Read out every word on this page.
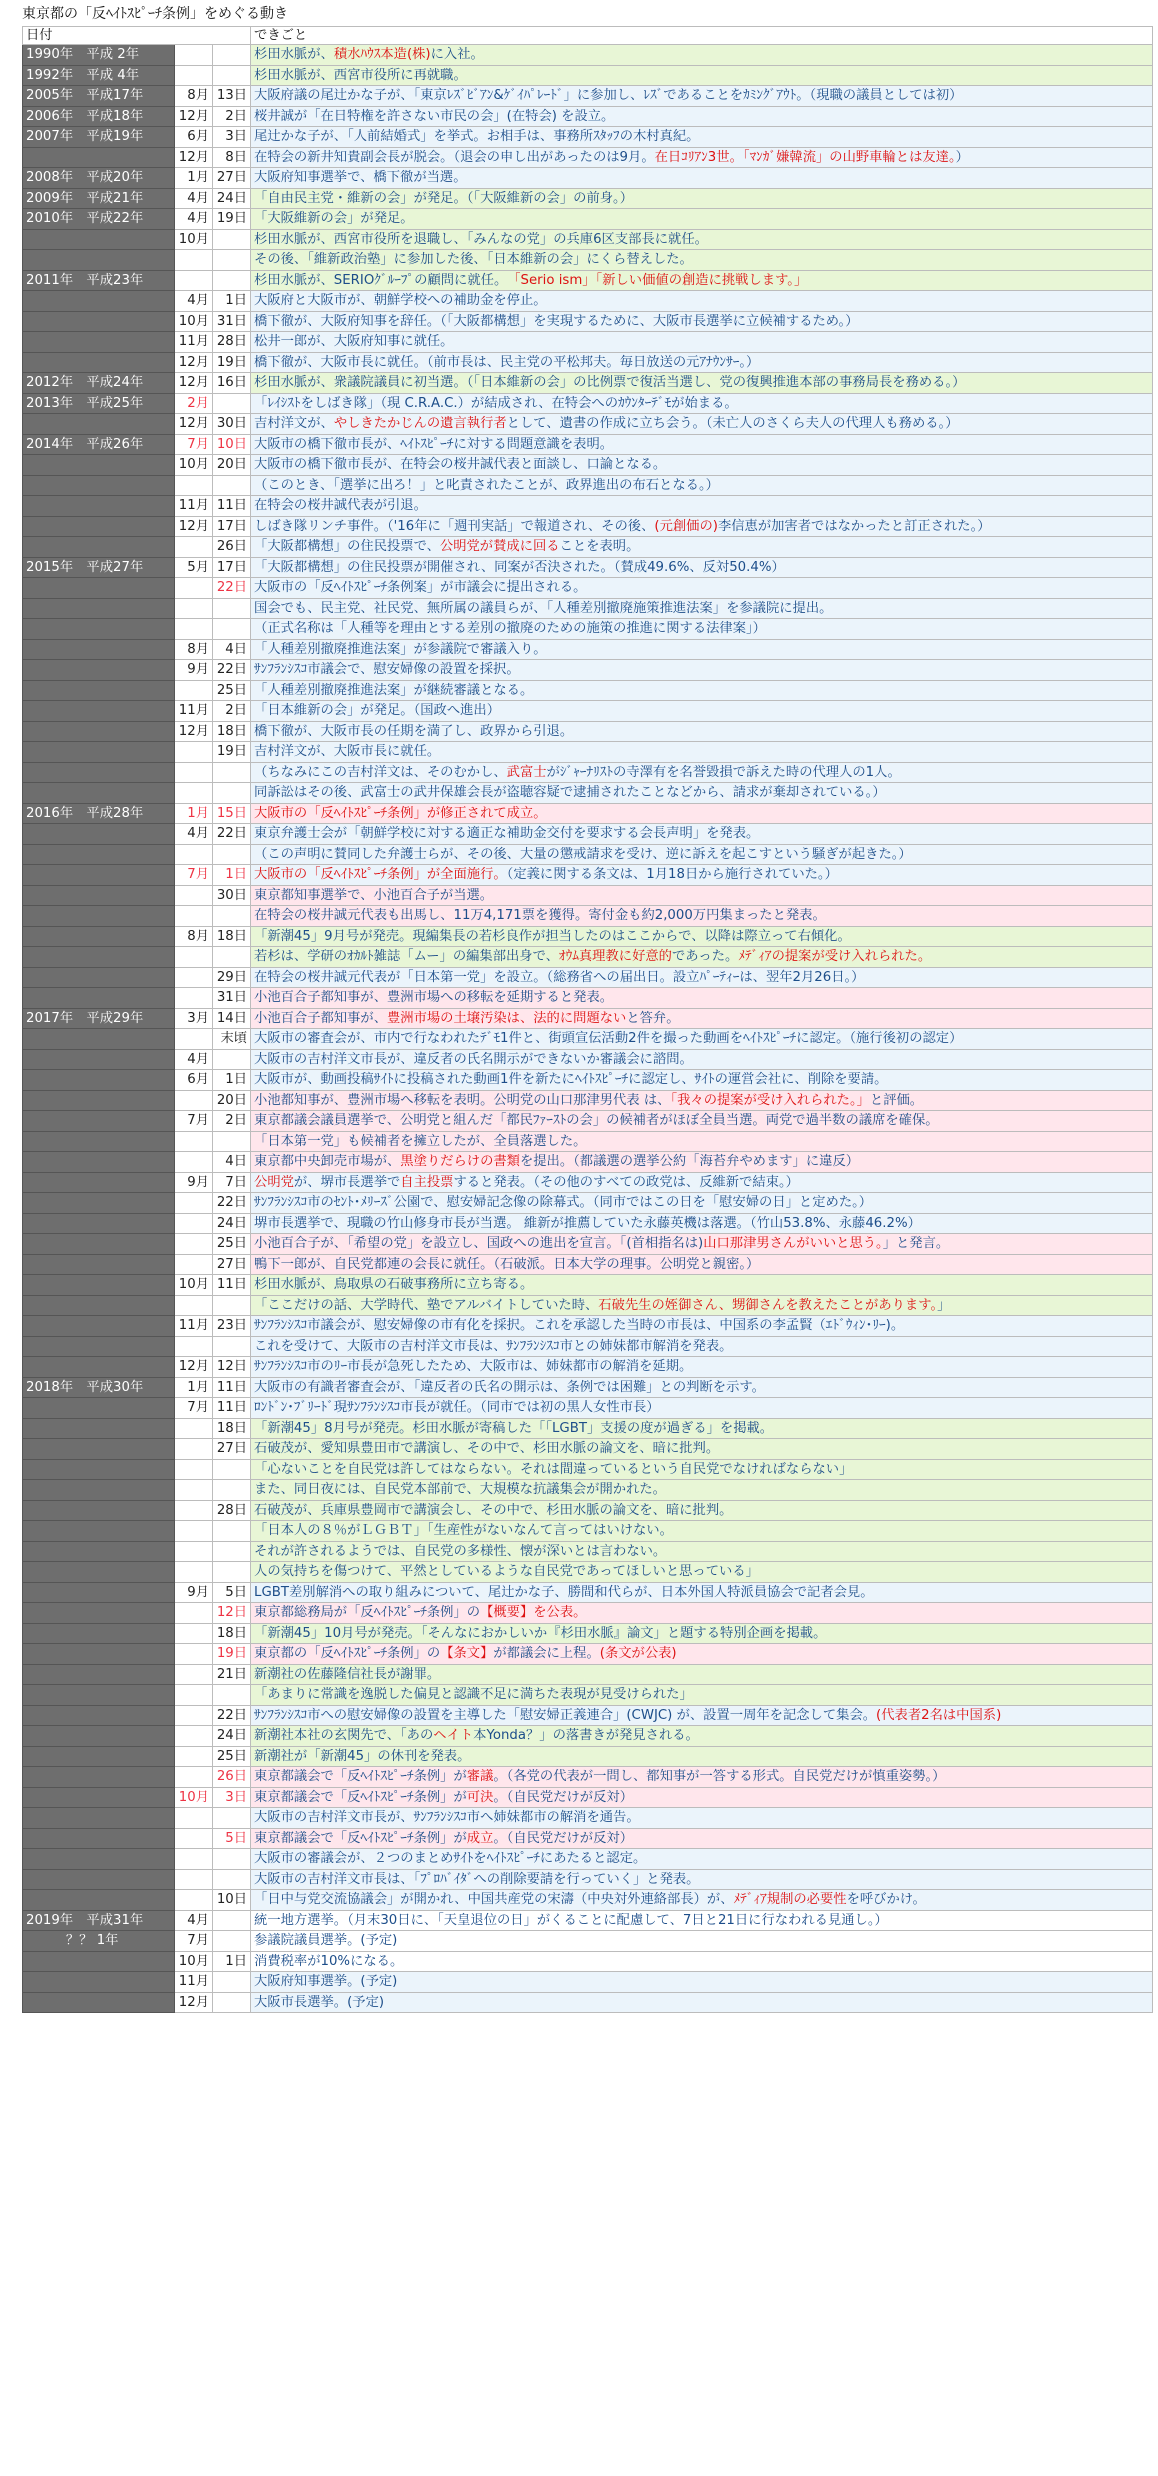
東京都の「反ﾍｲﾄｽﾋﾟｰﾁ条例」をめぐる動き
日付			できごと
1990年　平成 2年			杉田水脈が、積水ﾊｳｽ本造(株)に入社。
1992年　平成 4年			杉田水脈が、西宮市役所に再就職。
2005年　平成17年	8月	13日	大阪府議の尾辻かな子が、「東京ﾚｽﾞﾋﾞｱﾝ&ｹﾞｲﾊﾟﾚｰﾄﾞ」に参加し、ﾚｽﾞであることをｶﾐﾝｸﾞｱｳﾄ。（現職の議員としては初）
2006年　平成18年	12月	2日	桜井誠が「在日特権を許さない市民の会」(在特会) を設立。
2007年　平成19年	6月	3日	尾辻かな子が、「人前結婚式」を挙式。お相手は、事務所ｽﾀｯﾌの木村真紀。
	12月	8日	在特会の新井知貴副会長が脱会。（退会の申し出があったのは9月。在日ｺﾘｱﾝ3世。「ﾏﾝｶﾞ嫌韓流」の山野車輪とは友達。）
2008年　平成20年	1月	27日	大阪府知事選挙で、橋下徹が当選。
2009年　平成21年	4月	24日	「自由民主党・維新の会」が発足。（「大阪維新の会」の前身。）
2010年　平成22年	4月	19日	「大阪維新の会」が発足。
	10月		杉田水脈が、西宮市役所を退職し、「みんなの党」の兵庫6区支部長に就任。
			その後、「維新政治塾」に参加した後、「日本維新の会」にくら替えした。
2011年　平成23年			杉田水脈が、SERIOｸﾞﾙｰﾌﾟの顧問に就任。　「Serio ism」「新しい価値の創造に挑戦します。」
	4月	1日	大阪府と大阪市が、朝鮮学校への補助金を停止。
	10月	31日	橋下徹が、大阪府知事を辞任。（「大阪都構想」を実現するために、大阪市長選挙に立候補するため。）
	11月	28日	松井一郎が、大阪府知事に就任。
	12月	19日	橋下徹が、大阪市長に就任。（前市長は、民主党の平松邦夫。毎日放送の元ｱﾅｳﾝｻｰ。）
2012年　平成24年	12月	16日	杉田水脈が、衆議院議員に初当選。（「日本維新の会」の比例票で復活当選し、党の復興推進本部の事務局長を務める。）
2013年　平成25年	2月		「ﾚｲｼｽﾄをしばき隊」（現 C.R.A.C.）が結成され、在特会へのｶｳﾝﾀｰﾃﾞﾓが始まる。
	12月	30日	吉村洋文が、やしきたかじんの遺言執行者として、遺書の作成に立ち会う。（未亡人のさくら夫人の代理人も務める。）
2014年　平成26年	7月	10日	大阪市の橋下徹市長が、ﾍｲﾄｽﾋﾟｰﾁに対する問題意識を表明。
	10月	20日	大阪市の橋下徹市長が、在特会の桜井誠代表と面談し、口論となる。
			（このとき、「選挙に出ろ！」と叱責されたことが、政界進出の布石となる。）
	11月	11日	在特会の桜井誠代表が引退。
	12月	17日	しばき隊リンチ事件。（'16年に「週刊実話」で報道され、その後、(元創価の)李信恵が加害者ではなかったと訂正された。）
		26日	「大阪都構想」の住民投票で、公明党が賛成に回ることを表明。
2015年　平成27年	5月	17日	「大阪都構想」の住民投票が開催され、同案が否決された。（賛成49.6%、反対50.4%）
		22日	大阪市の「反ﾍｲﾄｽﾋﾟｰﾁ条例案」が市議会に提出される。
			国会でも、民主党、社民党、無所属の議員らが、「人種差別撤廃施策推進法案」を参議院に提出。
			（正式名称は「人種等を理由とする差別の撤廃のための施策の推進に関する法律案」）
	8月	4日	「人種差別撤廃推進法案」が参議院で審議入り。
	9月	22日	ｻﾝﾌﾗﾝｼｽｺ市議会で、慰安婦像の設置を採択。
		25日	「人種差別撤廃推進法案」が継続審議となる。
	11月	2日	「日本維新の会」が発足。（国政へ進出）
	12月	18日	橋下徹が、大阪市長の任期を満了し、政界から引退。
		19日	吉村洋文が、大阪市長に就任。
			（ちなみにこの吉村洋文は、そのむかし、武富士がｼﾞｬｰﾅﾘｽﾄの寺澤有を名誉毀損で訴えた時の代理人の1人。
			同訴訟はその後、武富士の武井保雄会長が盗聴容疑で逮捕されたことなどから、請求が棄却されている。）
2016年　平成28年	1月	15日	大阪市の「反ﾍｲﾄｽﾋﾟｰﾁ条例」が修正されて成立。
	4月	22日	東京弁護士会が「朝鮮学校に対する適正な補助金交付を要求する会長声明」を発表。
			（この声明に賛同した弁護士らが、その後、大量の懲戒請求を受け、逆に訴えを起こすという騒ぎが起きた。）
	7月	1日	大阪市の「反ﾍｲﾄｽﾋﾟｰﾁ条例」が全面施行。（定義に関する条文は、1月18日から施行されていた。）
		30日	東京都知事選挙で、小池百合子が当選。
			在特会の桜井誠元代表も出馬し、11万4,171票を獲得。寄付金も約2,000万円集まったと発表。
	8月	18日	「新潮45」9月号が発売。現編集長の若杉良作が担当したのはここからで、以降は際立って右傾化。
			若杉は、学研のｵｶﾙﾄ雑誌「ムー」の編集部出身で、ｵｳﾑ真理教に好意的であった。ﾒﾃﾞｨｱの提案が受け入れられた。
		29日	在特会の桜井誠元代表が「日本第一党」を設立。（総務省への届出日。設立ﾊﾟｰﾃｨｰは、翌年2月26日。）
		31日	小池百合子都知事が、豊洲市場への移転を延期すると発表。
2017年　平成29年	3月	14日	小池百合子都知事が、豊洲市場の土壌汚染は、法的に問題ないと答弁。
		末頃	大阪市の審査会が、市内で行なわれたﾃﾞﾓ1件と、街頭宣伝活動2件を撮った動画をﾍｲﾄｽﾋﾟｰﾁに認定。（施行後初の認定）
	4月		大阪市の吉村洋文市長が、違反者の氏名開示ができないか審議会に諮問。
	6月	1日	大阪市が、動画投稿ｻｲﾄに投稿された動画1件を新たにﾍｲﾄｽﾋﾟｰﾁに認定し、ｻｲﾄの運営会社に、削除を要請。
		20日	小池都知事が、豊洲市場へ移転を表明。公明党の山口那津男代表 は、「我々の提案が受け入れられた。」と評価。
	7月	2日	東京都議会議員選挙で、公明党と組んだ「都民ﾌｧｰｽﾄの会」の候補者がほぼ全員当選。両党で過半数の議席を確保。
			「日本第一党」も候補者を擁立したが、全員落選した。
		4日	東京都中央卸売市場が、黒塗りだらけの書類を提出。（都議選の選挙公約「海苔弁やめます」に違反）
	9月	7日	公明党が、堺市長選挙で自主投票すると発表。（その他のすべての政党は、反維新で結束。）
		22日	ｻﾝﾌﾗﾝｼｽｺ市のｾﾝﾄ･ﾒﾘｰｽﾞ公園で、慰安婦記念像の除幕式。（同市ではこの日を「慰安婦の日」と定めた。）
		24日	堺市長選挙で、現職の竹山修身市長が当選。 維新が推薦していた永藤英機は落選。（竹山53.8%、永藤46.2%）
		25日	小池百合子が、「希望の党」を設立し、国政への進出を宣言。「(首相指名は)山口那津男さんがいいと思う。」と発言。
		27日	鴨下一郎が、自民党都連の会長に就任。（石破派。日本大学の理事。公明党と親密。）
	10月	11日	杉田水脈が、鳥取県の石破事務所に立ち寄る。
			「ここだけの話、大学時代、塾でアルバイトしていた時、石破先生の姪御さん、甥御さんを教えたことがあります。」
	11月	23日	ｻﾝﾌﾗﾝｼｽｺ市議会が、慰安婦像の市有化を採択。これを承認した当時の市長は、中国系の李孟賢（ｴﾄﾞｳｨﾝ･ﾘｰ)。
			これを受けて、大阪市の吉村洋文市長は、ｻﾝﾌﾗﾝｼｽｺ市との姉妹都市解消を発表。
	12月	12日	ｻﾝﾌﾗﾝｼｽｺ市のﾘｰ市長が急死したため、大阪市は、姉妹都市の解消を延期。
2018年　平成30年	1月	11日	大阪市の有識者審査会が、「違反者の氏名の開示は、条例では困難」との判断を示す。
	7月	11日	ﾛﾝﾄﾞﾝ･ﾌﾞﾘｰﾄﾞ現ｻﾝﾌﾗﾝｼｽｺ市長が就任。（同市では初の黒人女性市長）
		18日	「新潮45」8月号が発売。杉田水脈が寄稿した「「LGBT」支援の度が過ぎる」を掲載。
		27日	石破茂が、愛知県豊田市で講演し、その中で、杉田水脈の論文を、暗に批判。
			「心ないことを自民党は許してはならない。それは間違っているという自民党でなければならない」
			また、同日夜には、自民党本部前で、大規模な抗議集会が開かれた。
		28日	石破茂が、兵庫県豊岡市で講演会し、その中で、杉田水脈の論文を、暗に批判。
			「日本人の８％がＬＧＢＴ」「生産性がないなんて言ってはいけない。
			それが許されるようでは、自民党の多様性、懐が深いとは言わない。
			人の気持ちを傷つけて、平然としているような自民党であってほしいと思っている」
	9月	5日	LGBT差別解消への取り組みについて、尾辻かな子、勝間和代らが、日本外国人特派員協会で記者会見。
		12日	東京都総務局が「反ﾍｲﾄｽﾋﾟｰﾁ条例」の【概要】を公表。
		18日	「新潮45」10月号が発売。「そんなにおかしいか『杉田水脈』論文」と題する特別企画を掲載。
		19日	東京都の「反ﾍｲﾄｽﾋﾟｰﾁ条例」の【条文】が都議会に上程。(条文が公表)
		21日	新潮社の佐藤隆信社長が謝罪。
			「あまりに常識を逸脱した偏見と認識不足に満ちた表現が見受けられた」
		22日	ｻﾝﾌﾗﾝｼｽｺ市への慰安婦像の設置を主導した「慰安婦正義連合」(CWJC) が、設置一周年を記念して集会。(代表者2名は中国系)
		24日	新潮社本社の玄関先で、「あのヘイト本Yonda？」の落書きが発見される。
		25日	新潮社が「新潮45」の休刊を発表。
		26日	東京都議会で「反ﾍｲﾄｽﾋﾟｰﾁ条例」が審議。（各党の代表が一問し、都知事が一答する形式。自民党だけが慎重姿勢。）
	10月	3日	東京都議会で「反ﾍｲﾄｽﾋﾟｰﾁ条例」が可決。（自民党だけが反対）
			大阪市の吉村洋文市長が、ｻﾝﾌﾗﾝｼｽｺ市へ姉妹都市の解消を通告。
		5日	東京都議会で「反ﾍｲﾄｽﾋﾟｰﾁ条例」が成立。（自民党だけが反対）
			大阪市の審議会が、２つのまとめｻｲﾄをﾍｲﾄｽﾋﾟｰﾁにあたると認定。
			大阪市の吉村洋文市長は、「ﾌﾟﾛﾊﾞｲﾀﾞへの削除要請を行っていく」と発表。
		10日	「日中与党交流協議会」が開かれ、中国共産党の宋濤（中央対外連絡部長）が、ﾒﾃﾞｨｱ規制の必要性を呼びかけ。
2019年　平成31年	4月		統一地方選挙。（月末30日に、「天皇退位の日」がくることに配慮して、7日と21日に行なわれる見通し。）
　　　？？ 1年	7月		参議院議員選挙。(予定)
	10月	1日	消費税率が10%になる。
	11月		大阪府知事選挙。(予定)
	12月		大阪市長選挙。(予定)
